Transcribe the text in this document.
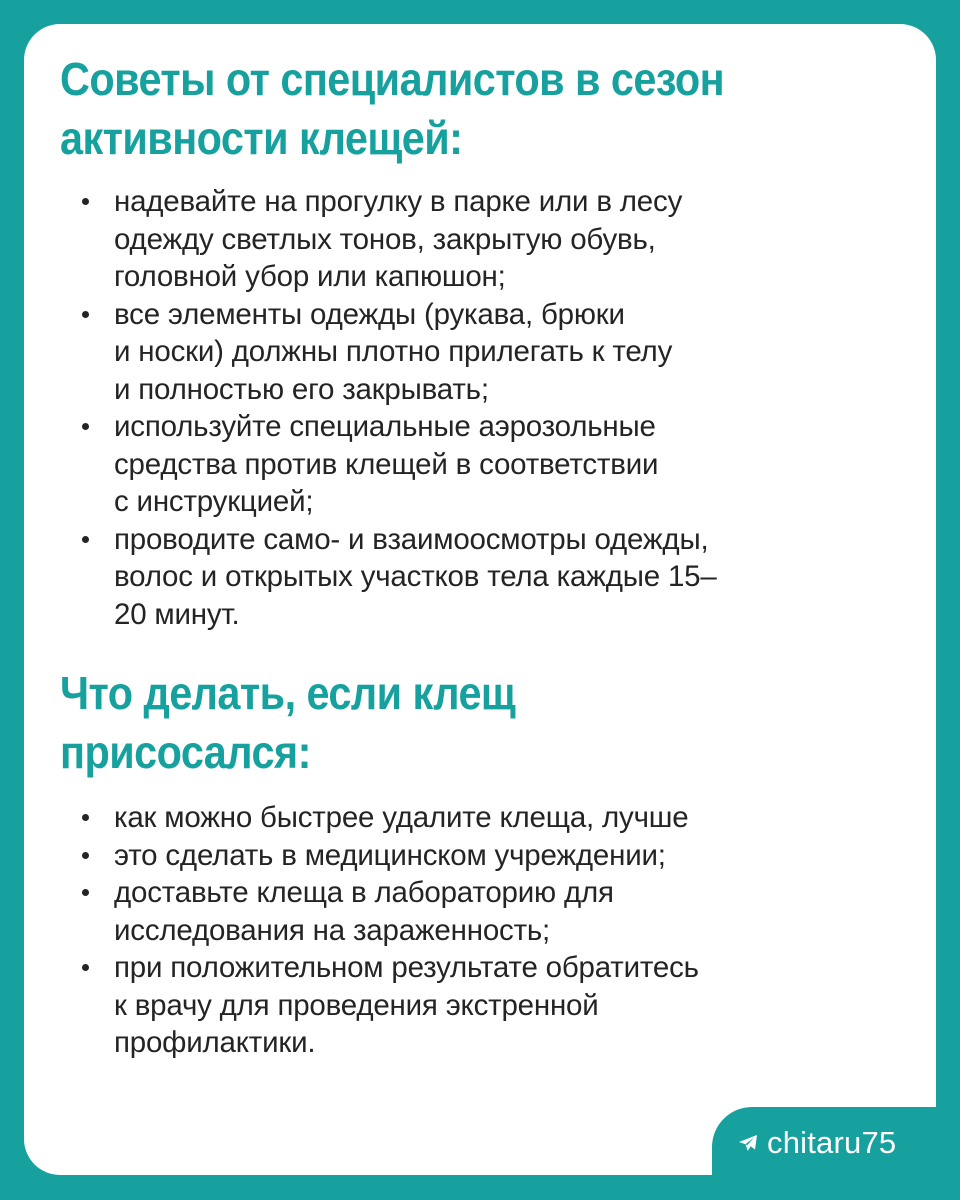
Советы от специалистов в сезон
активности клещей:
надевайте на прогулку в парке или в лесу
одежду светлых тонов, закрытую обувь,
головной убор или капюшон;
все элементы одежды (рукава, брюки
и носки) должны плотно прилегать к телу
и полностью его закрывать;
используйте специальные аэрозольные
средства против клещей в соответствии
с инструкцией;
проводите само- и взаимоосмотры одежды,
волос и открытых участков тела каждые 15–
20 минут.
Что делать, если клещ
присосался:
как можно быстрее удалите клеща, лучше
это сделать в медицинском учреждении;
доставьте клеща в лабораторию для
исследования на зараженность;
при положительном результате обратитесь
к врачу для проведения экстренной
профилактики.
chitaru75
